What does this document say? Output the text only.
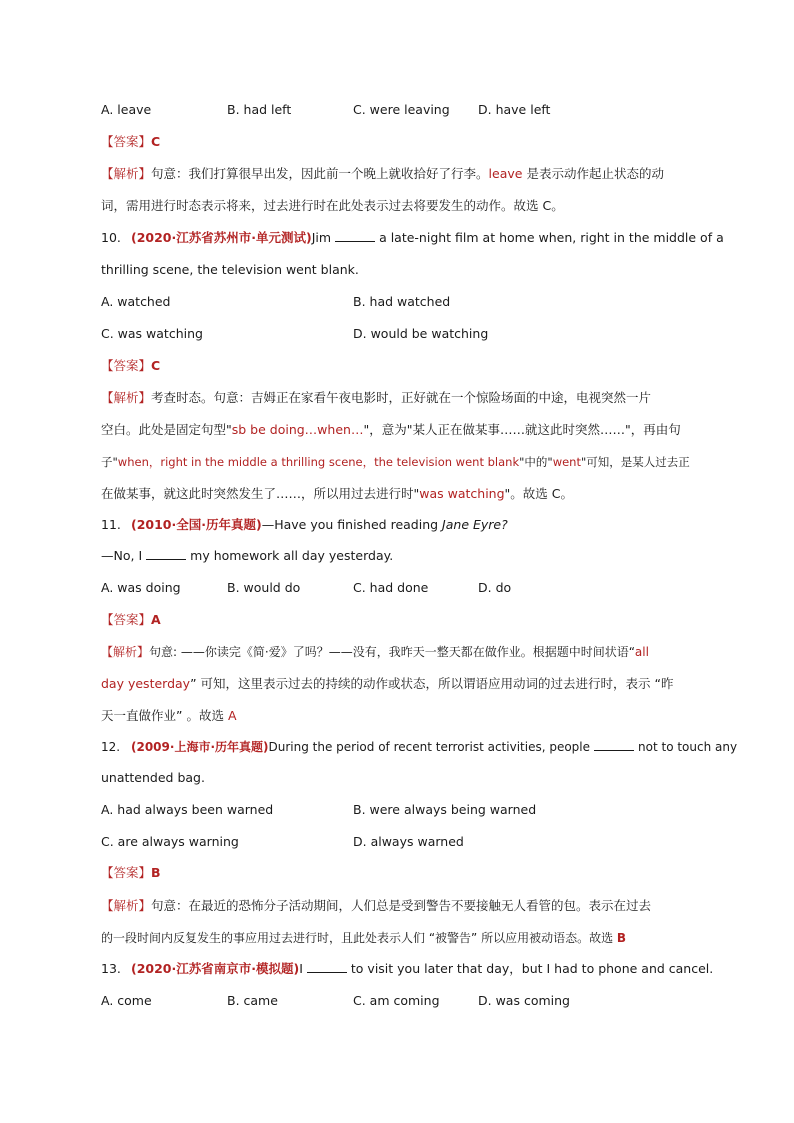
A. leave	B. had left	C. were leaving D. have left
【答案】C
【解析】句意：我们打算很早出发，因此前一个晚上就收拾好了行李。leave 是表示动作起止状态的动
词，需用进行时态表示将来，过去进行时在此处表示过去将要发生的动作。故选 C。
10. (2020·江苏省苏州市·单元测试)Jim	a late-night film at home when, right in the middle of a
thrilling scene, the television went blank.
A. watched	B. had watched
C. was watching	D. would be watching
【答案】C
【解析】考查时态。句意：吉姆正在家看午夜电影时，正好就在一个惊险场面的中途，电视突然一片
空白。此处是固定句型"sb be doing…when…"，意为"某人正在做某事……就这此时突然……"，再由句
子"when，right in the middle a thrilling scene，the television went blank"中的"went"可知，是某人过去正
在做某事，就这此时突然发生了……，所以用过去进行时"was watching"。故选 C。
11. (2010·全国·历年真题)—Have you finished reading Jane Eyre?
—No, I	my homework all day yesterday.
A. was doing	B. would do	C. had done	D. do
【答案】A
【解析】句意: ——你读完《简·爱》了吗？——没有，我昨天一整天都在做作业。根据题中时间状语“all
day yesterday” 可知，这里表示过去的持续的动作或状态，所以谓语应用动词的过去进行时，表示 “昨
天一直做作业” 。故选 A
12. (2009·上海市·历年真题)During the period of recent terrorist activities, people	not to touch any
unattended bag.
A. had always been warned	B. were always being warned
C. are always warning	D. always warned
【答案】B
【解析】句意：在最近的恐怖分子活动期间，人们总是受到警告不要接触无人看管的包。表示在过去
的一段时间内反复发生的事应用过去进行时，且此处表示人们 “被警告” 所以应用被动语态。故选 B
13. (2020·江苏省南京市·模拟题)I	to visit you later that day，but I had to phone and cancel.
A. come	B. came	C. am coming	D. was coming
